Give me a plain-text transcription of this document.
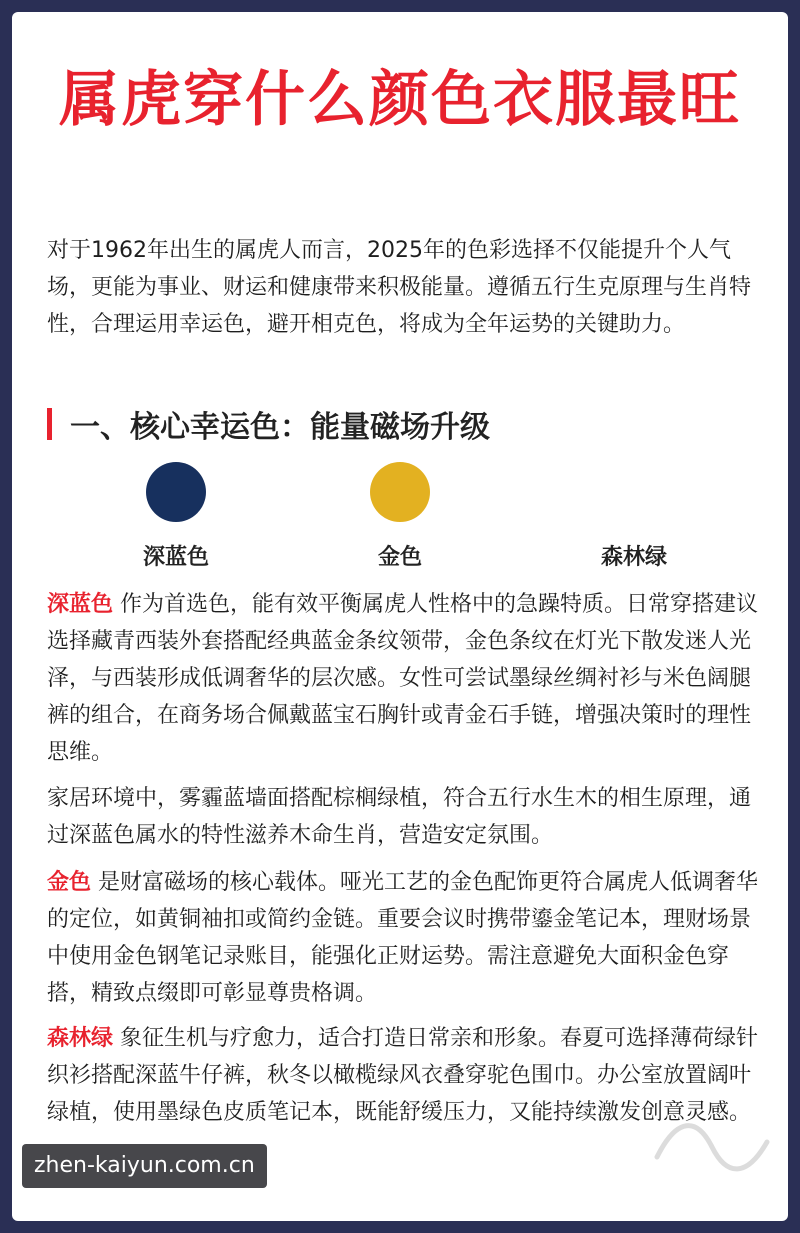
属虎穿什么颜色衣服最旺
对于1962年出生的属虎人而言，2025年的色彩选择不仅能提升个人气场，更能为事业、财运和健康带来积极能量。遵循五行生克原理与生肖特性，合理运用幸运色，避开相克色，将成为全年运势的关键助力。
一、核心幸运色：能量磁场升级
深蓝色	金色	森林绿
深蓝色 作为首选色，能有效平衡属虎人性格中的急躁特质。日常穿搭建议选择藏青西装外套搭配经典蓝金条纹领带，金色条纹在灯光下散发迷人光泽，与西装形成低调奢华的层次感。女性可尝试墨绿丝绸衬衫与米色阔腿裤的组合，在商务场合佩戴蓝宝石胸针或青金石手链，增强决策时的理性思维。
家居环境中，雾霾蓝墙面搭配棕榈绿植，符合五行水生木的相生原理，通过深蓝色属水的特性滋养木命生肖，营造安定氛围。
金色 是财富磁场的核心载体。哑光工艺的金色配饰更符合属虎人低调奢华的定位，如黄铜袖扣或简约金链。重要会议时携带鎏金笔记本，理财场景中使用金色钢笔记录账目，能强化正财运势。需注意避免大面积金色穿搭，精致点缀即可彰显尊贵格调。
森林绿 象征生机与疗愈力，适合打造日常亲和形象。春夏可选择薄荷绿针织衫搭配深蓝牛仔裤，秋冬以橄榄绿风衣叠穿驼色围巾。办公室放置阔叶绿植，使用墨绿色皮质笔记本，既能舒缓压力，又能持续激发创意灵感。
zhen-kaiyun.com.cn
